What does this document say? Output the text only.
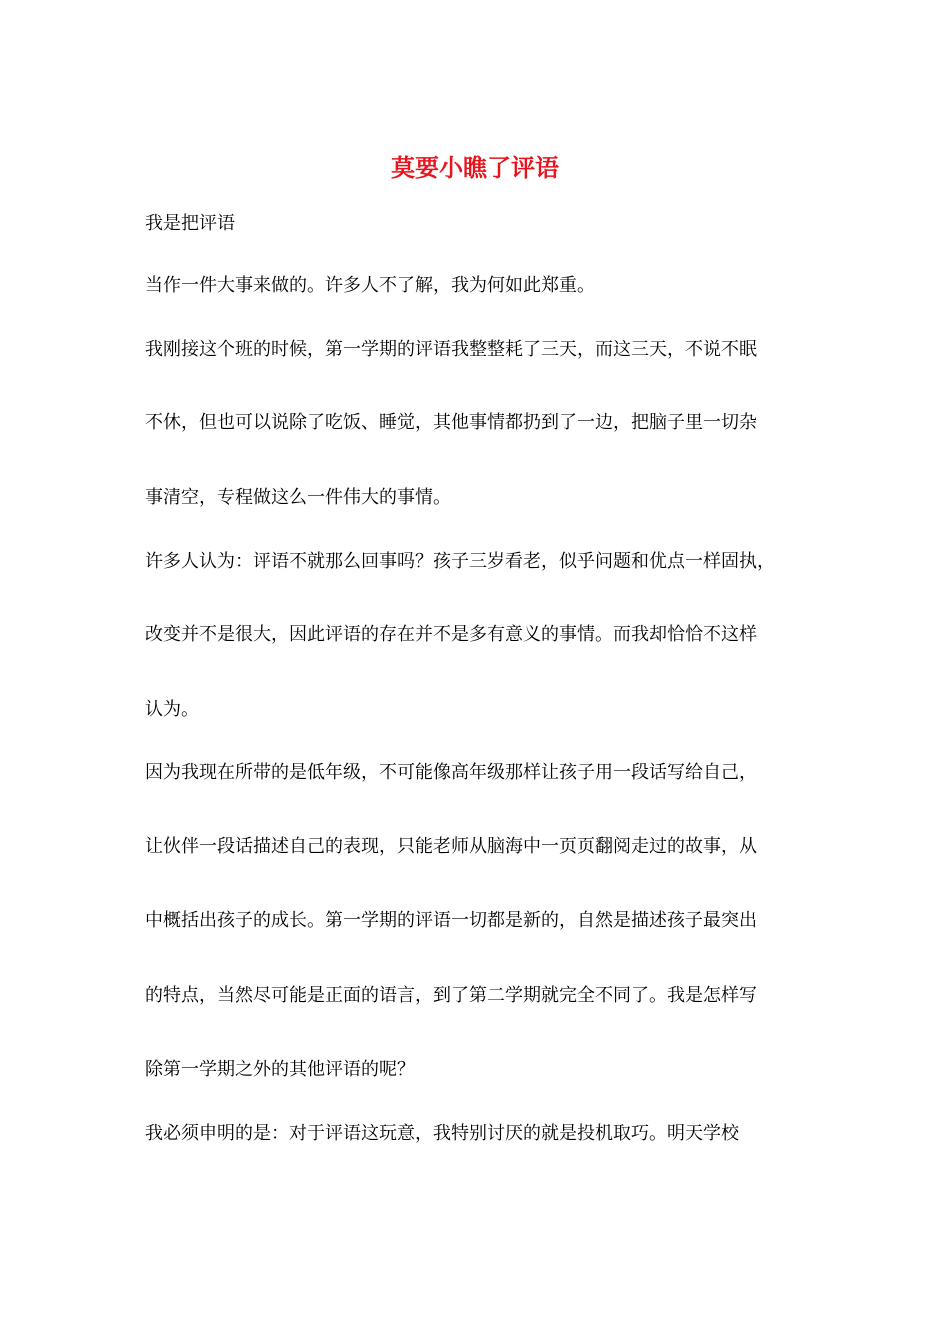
莫要小瞧了评语
我是把评语
当作一件大事来做的。许多人不了解，我为何如此郑重。
我刚接这个班的时候，第一学期的评语我整整耗了三天，而这三天，不说不眠
不休，但也可以说除了吃饭、睡觉，其他事情都扔到了一边，把脑子里一切杂
事清空，专程做这么一件伟大的事情。
许多人认为：评语不就那么回事吗？孩子三岁看老，似乎问题和优点一样固执，
改变并不是很大，因此评语的存在并不是多有意义的事情。而我却恰恰不这样
认为。
因为我现在所带的是低年级，不可能像高年级那样让孩子用一段话写给自己，
让伙伴一段话描述自己的表现，只能老师从脑海中一页页翻阅走过的故事，从
中概括出孩子的成长。第一学期的评语一切都是新的，自然是描述孩子最突出
的特点，当然尽可能是正面的语言，到了第二学期就完全不同了。我是怎样写
除第一学期之外的其他评语的呢？
我必须申明的是：对于评语这玩意，我特别讨厌的就是投机取巧。明天学校
